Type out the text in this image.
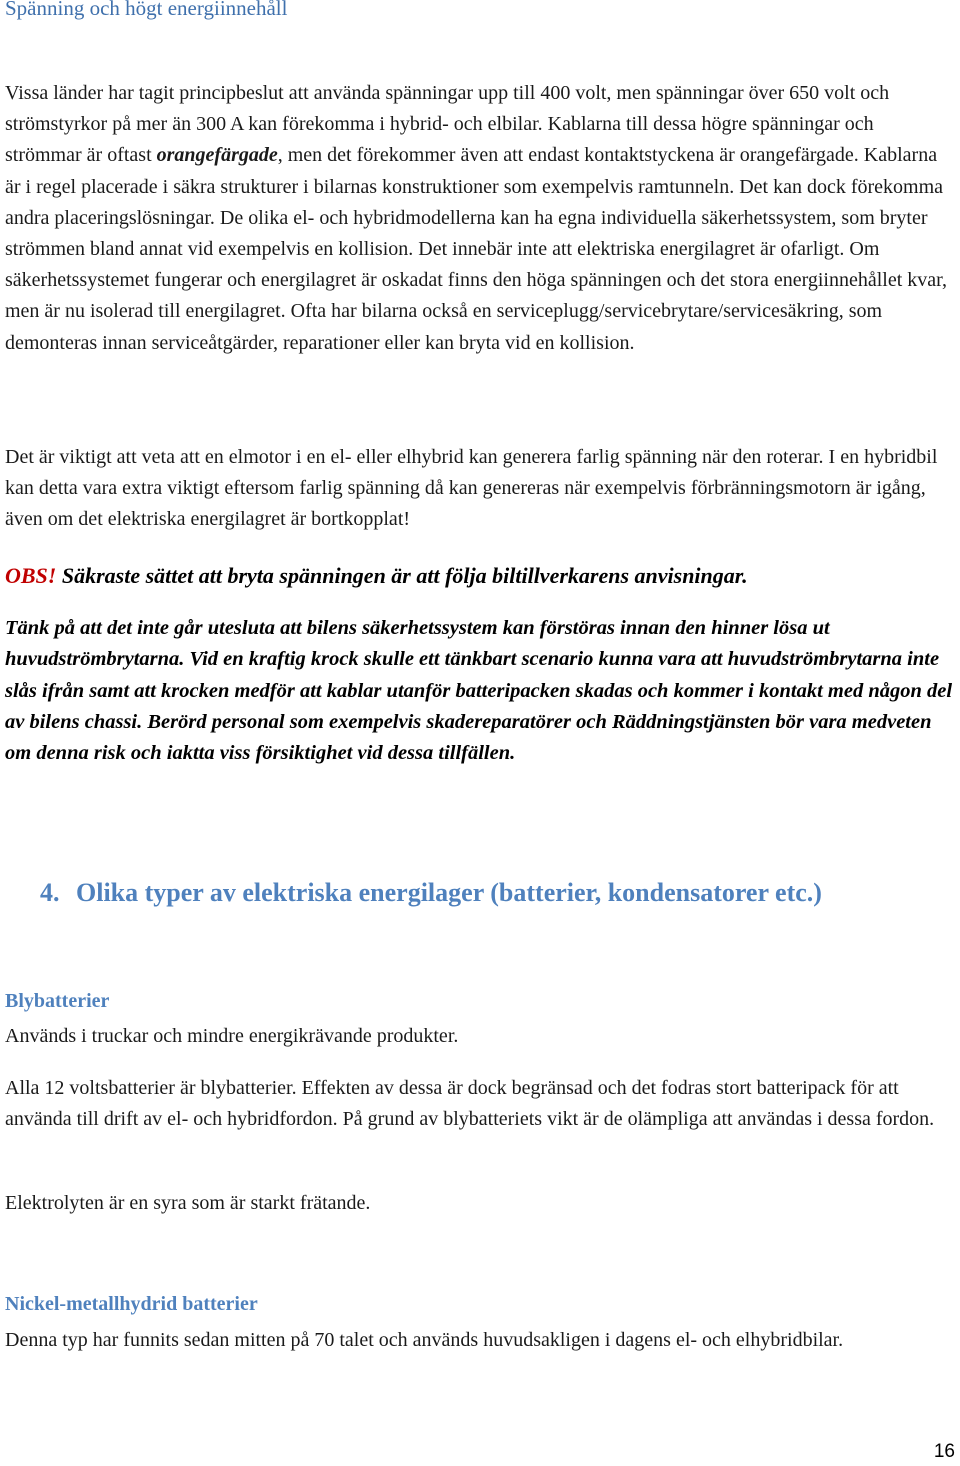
Spänning och högt energiinnehåll

Vissa länder har tagit principbeslut att använda spänningar upp till 400 volt, men spänningar över 650 volt och strömstyrkor på mer än 300 A kan förekomma i hybrid- och elbilar. Kablarna till dessa högre spänningar och strömmar är oftast orangefärgade, men det förekommer även att endast kontaktstyckena är orangefärgade. Kablarna är i regel placerade i säkra strukturer i bilarnas konstruktioner som exempelvis ramtunneln. Det kan dock förekomma andra placeringslösningar. De olika el- och hybridmodellerna kan ha egna individuella säkerhetssystem, som bryter strömmen bland annat vid exempelvis en kollision. Det innebär inte att elektriska energilagret är ofarligt. Om säkerhetssystemet fungerar och energilagret är oskadat finns den höga spänningen och det stora energiinnehållet kvar, men är nu isolerad till energilagret. Ofta har bilarna också en serviceplugg/servicebrytare/servicesäkring, som demonteras innan serviceåtgärder, reparationer eller kan bryta vid en kollision.

Det är viktigt att veta att en elmotor i en el- eller elhybrid kan generera farlig spänning när den roterar. I en hybridbil kan detta vara extra viktigt eftersom farlig spänning då kan genereras när exempelvis förbränningsmotorn är igång, även om det elektriska energilagret är bortkopplat!

OBS! Säkraste sättet att bryta spänningen är att följa biltillverkarens anvisningar.

Tänk på att det inte går utesluta att bilens säkerhetssystem kan förstöras innan den hinner lösa ut huvudströmbrytarna. Vid en kraftig krock skulle ett tänkbart scenario kunna vara att huvudströmbrytarna inte slås ifrån samt att krocken medför att kablar utanför batteripacken skadas och kommer i kontakt med någon del av bilens chassi. Berörd personal som exempelvis skadereparatörer och Räddningstjänsten bör vara medveten om denna risk och iaktta viss försiktighet vid dessa tillfällen.

4. Olika typer av elektriska energilager (batterier, kondensatorer etc.)
Blybatterier

Används i truckar och mindre energikrävande produkter.

Alla 12 voltsbatterier är blybatterier. Effekten av dessa är dock begränsad och det fodras stort batteripack för att använda till drift av el- och hybridfordon. På grund av blybatteriets vikt är de olämpliga att användas i dessa fordon.

Elektrolyten är en syra som är starkt frätande.

Nickel-metallhydrid batterier

Denna typ har funnits sedan mitten på 70 talet och används huvudsakligen i dagens el- och elhybridbilar.

16
